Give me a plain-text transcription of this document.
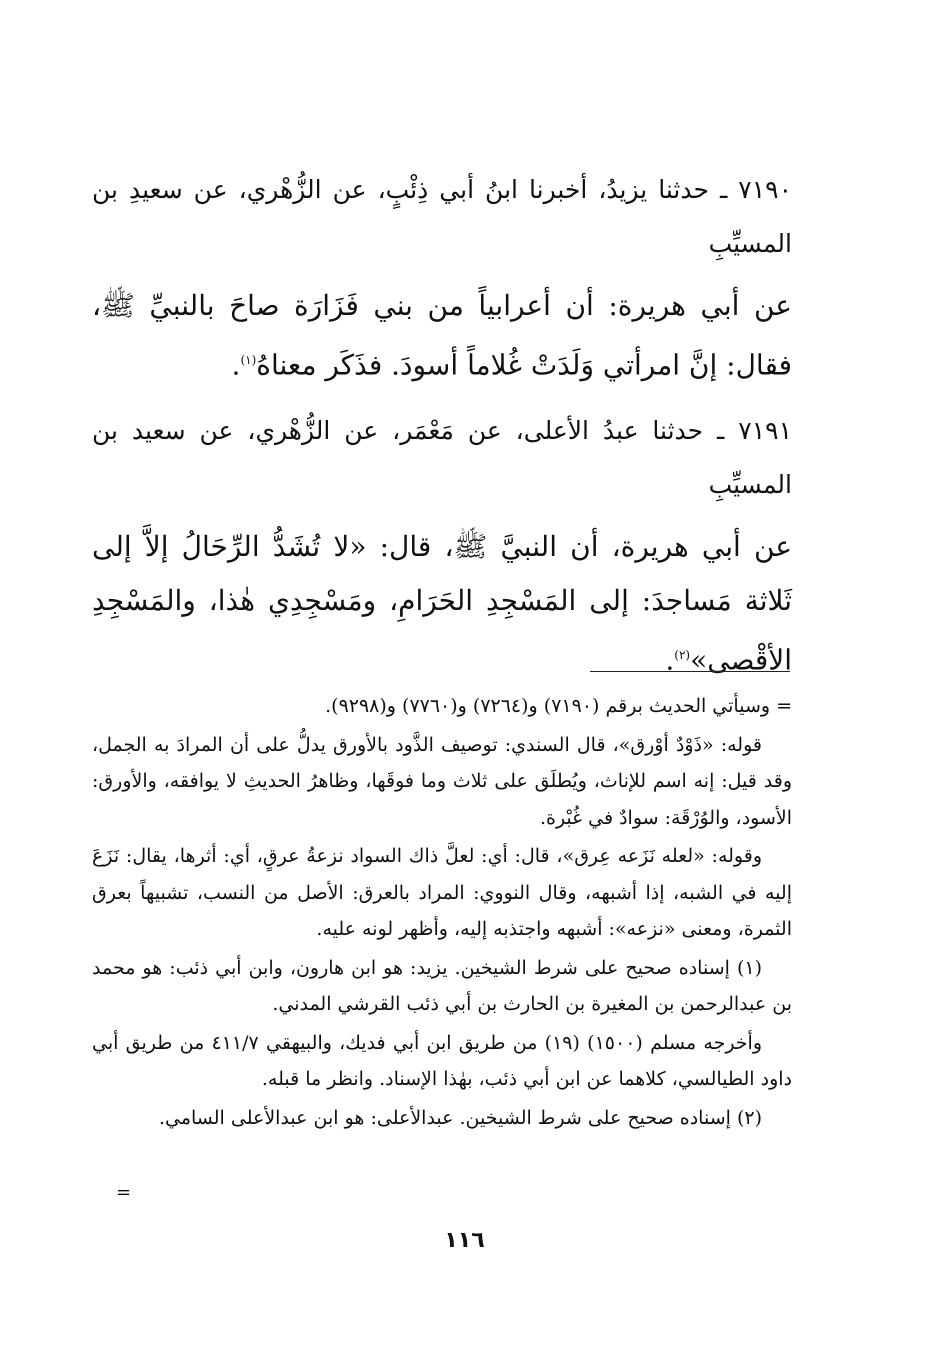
٧١٩٠ ـ حدثنا يزيدُ، أخبرنا ابنُ أبي ذِئْبٍ، عن الزُّهْري، عن سعيدِ بن المسيِّبِ

عن أبي هريرة: أن أعرابياً من بني فَزَارَة صاحَ بالنبيِّ ﷺ، فقال: إنَّ امرأتي وَلَدَتْ غُلاماً أسودَ. فذَكَر معناهُ$^{(١)}$.

٧١٩١ ـ حدثنا عبدُ الأعلى، عن مَعْمَر، عن الزُّهْري، عن سعيد بن المسيِّبِ

عن أبي هريرة، أن النبيَّ ﷺ، قال: «لا تُشَدُّ الرِّحَالُ إلاَّ إلى ثَلاثة مَساجدَ: إلى المَسْجِدِ الحَرَامِ، ومَسْجِدِي هٰذا، والمَسْجِدِ الأقْصى»$^{(٢)}$.

= وسيأتي الحديث برقم (٧١٩٠) و(٧٢٦٤) و(٧٧٦٠) و(٩٢٩٨).

قوله: «ذَوْدٌ أوْرق»، قال السندي: توصيف الذَّود بالأورق يدلُّ على أن المرادَ به الجمل، وقد قيل: إنه اسم للإناث، ويُطلَق على ثلاث وما فوقَها، وظاهرُ الحديثِ لا يوافقه، والأورق: الأسود، والوُرْقَة: سوادٌ في غُبْرة.

وقوله: «لعله نَزَعه عِرق»، قال: أي: لعلَّ ذاك السواد نزعةُ عرقٍ، أي: أثرها، يقال: نَزَعَ إليه في الشبه، إذا أشبهه، وقال النووي: المراد بالعرق: الأصل من النسب، تشبيهاً بعرق الثمرة، ومعنى «نزعه»: أشبهه واجتذبه إليه، وأظهر لونه عليه.

(١) إسناده صحيح على شرط الشيخين. يزيد: هو ابن هارون، وابن أبي ذئب: هو محمد بن عبدالرحمن بن المغيرة بن الحارث بن أبي ذئب القرشي المدني.

وأخرجه مسلم (١٥٠٠) (١٩) من طريق ابن أبي فديك، والبيهقي ٤١١/٧ من طريق أبي داود الطيالسي، كلاهما عن ابن أبي ذئب، بهٰذا الإسناد. وانظر ما قبله.

(٢) إسناده صحيح على شرط الشيخين. عبدالأعلى: هو ابن عبدالأعلى السامي.

=
١١٦
